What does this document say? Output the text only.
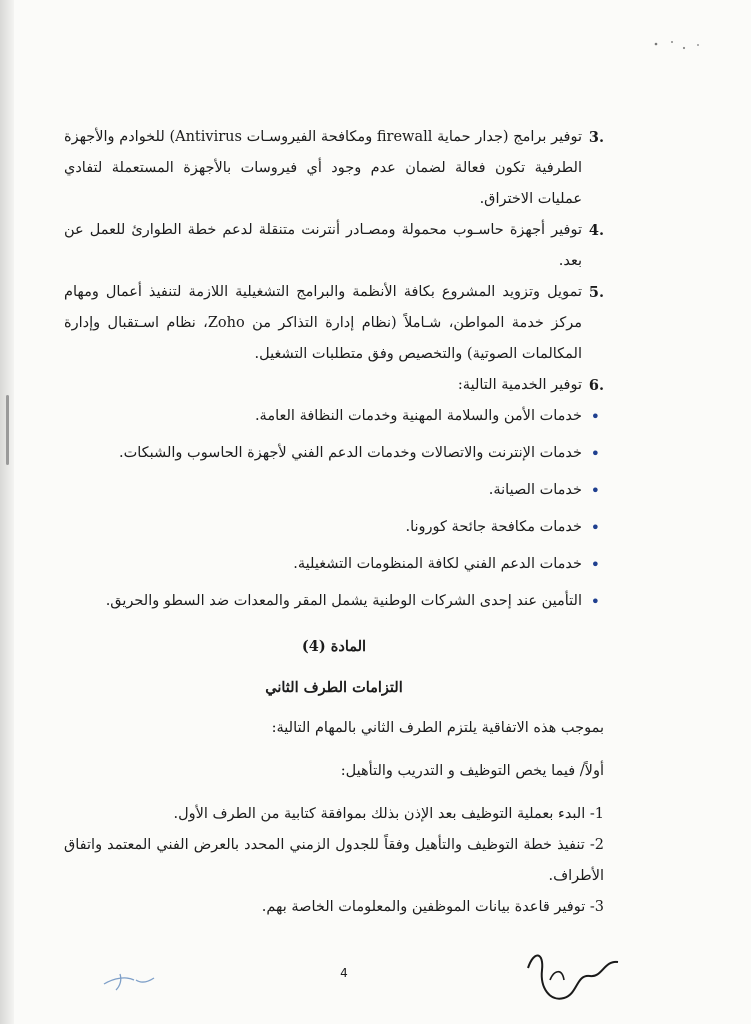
.3
توفير برامج (جدار حماية firewall ومكافحة الفيروسـات Antivirus) للخوادم والأجهزة الطرفية تكون فعالة لضمان عدم وجود أي فيروسات بالأجهزة المستعملة لتفادي عمليات الاختراق.

.4
توفير أجهزة حاسـوب محمولة ومصـادر أنترنت متنقلة لدعم خطة الطوارئ للعمل عن بعد.

.5
تمويل وتزويد المشروع بكافة الأنظمة والبرامج التشغيلية اللازمة لتنفيذ أعمال ومهام مركز خدمة المواطن، شـاملاً (نظام إدارة التذاكر من Zoho، نظام اسـتقبال وإدارة المكالمات الصوتية) والتخصيص وفق متطلبات التشغيل.

.6
توفير الخدمية التالية:

• خدمات الأمن والسلامة المهنية وخدمات النظافة العامة.
• خدمات الإنترنت والاتصالات وخدمات الدعم الفني لأجهزة الحاسوب والشبكات.
• خدمات الصيانة.
• خدمات مكافحة جائحة كورونا.
• خدمات الدعم الفني لكافة المنظومات التشغيلية.
• التأمين عند إحدى الشركات الوطنية يشمل المقر والمعدات ضد السطو والحريق.

المادة (4)

التزامات الطرف الثاني

بموجب هذه الاتفاقية يلتزم الطرف الثاني بالمهام التالية:

أولاً/ فيما يخص التوظيف و التدريب والتأهيل:

1- البدء بعملية التوظيف بعد الإذن بذلك بموافقة كتابية من الطرف الأول.

2- تنفيذ خطة التوظيف والتأهيل وفقاً للجدول الزمني المحدد بالعرض الفني المعتمد واتفاق الأطراف.

3- توفير قاعدة بيانات الموظفين والمعلومات الخاصة بهم.

4
